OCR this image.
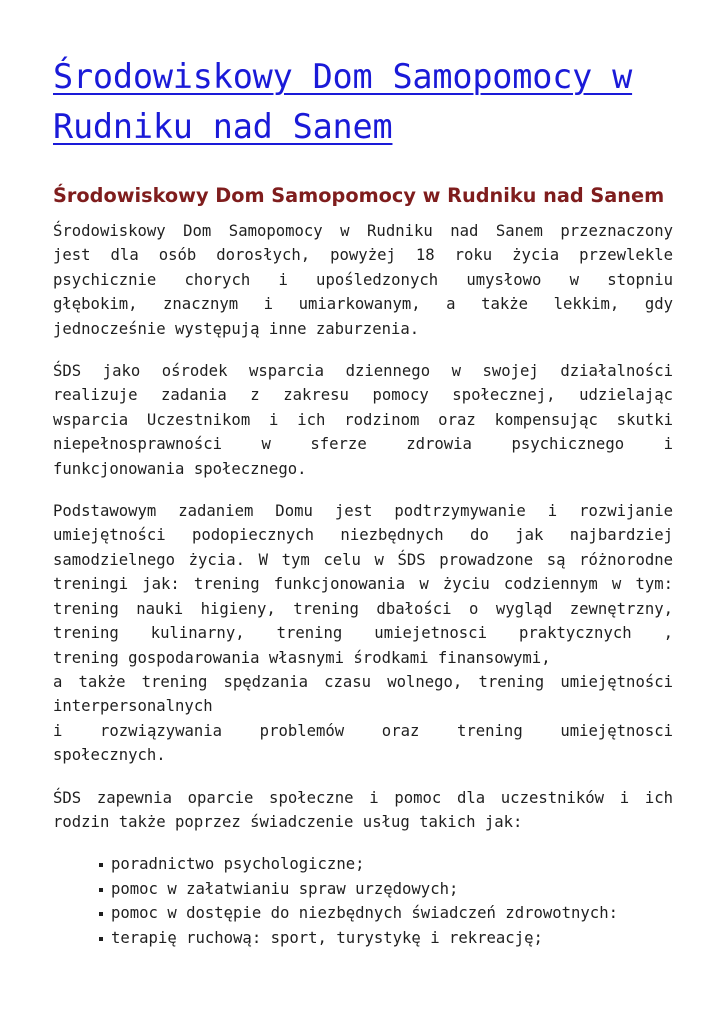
Środowiskowy Dom Samopomocy w Rudniku nad Sanem
Środowiskowy Dom Samopomocy w Rudniku nad Sanem

Środowiskowy Dom Samopomocy w Rudniku nad Sanem przeznaczony
jest dla osób dorosłych, powyżej 18 roku życia przewlekle
psychicznie chorych i upośledzonych umysłowo w stopniu
głębokim, znacznym i umiarkowanym, a także lekkim, gdy
jednocześnie występują inne zaburzenia.

ŚDS jako ośrodek wsparcia dziennego w swojej działalności
realizuje zadania z zakresu pomocy społecznej, udzielając
wsparcia Uczestnikom i ich rodzinom oraz kompensując skutki
niepełnosprawności w sferze zdrowia psychicznego i
funkcjonowania społecznego.

Podstawowym zadaniem Domu jest podtrzymywanie i rozwijanie
umiejętności podopiecznych niezbędnych do jak najbardziej
samodzielnego życia. W tym celu w ŚDS prowadzone są różnorodne
treningi jak: trening funkcjonowania w życiu codziennym w tym:
trening nauki higieny, trening dbałości o wygląd zewnętrzny,
trening kulinarny, trening umiejetnosci praktycznych ,
trening gospodarowania własnymi środkami finansowymi,
a także trening spędzania czasu wolnego, trening umiejętności
interpersonalnych
i rozwiązywania problemów oraz trening umiejętnosci
społecznych.

ŚDS zapewnia oparcie społeczne i pomoc dla uczestników i ich
rodzin także poprzez świadczenie usług takich jak:

poradnictwo psychologiczne;
pomoc w załatwianiu spraw urzędowych;
pomoc w dostępie do niezbędnych świadczeń zdrowotnych:
terapię ruchową: sport, turystykę i rekreację;
